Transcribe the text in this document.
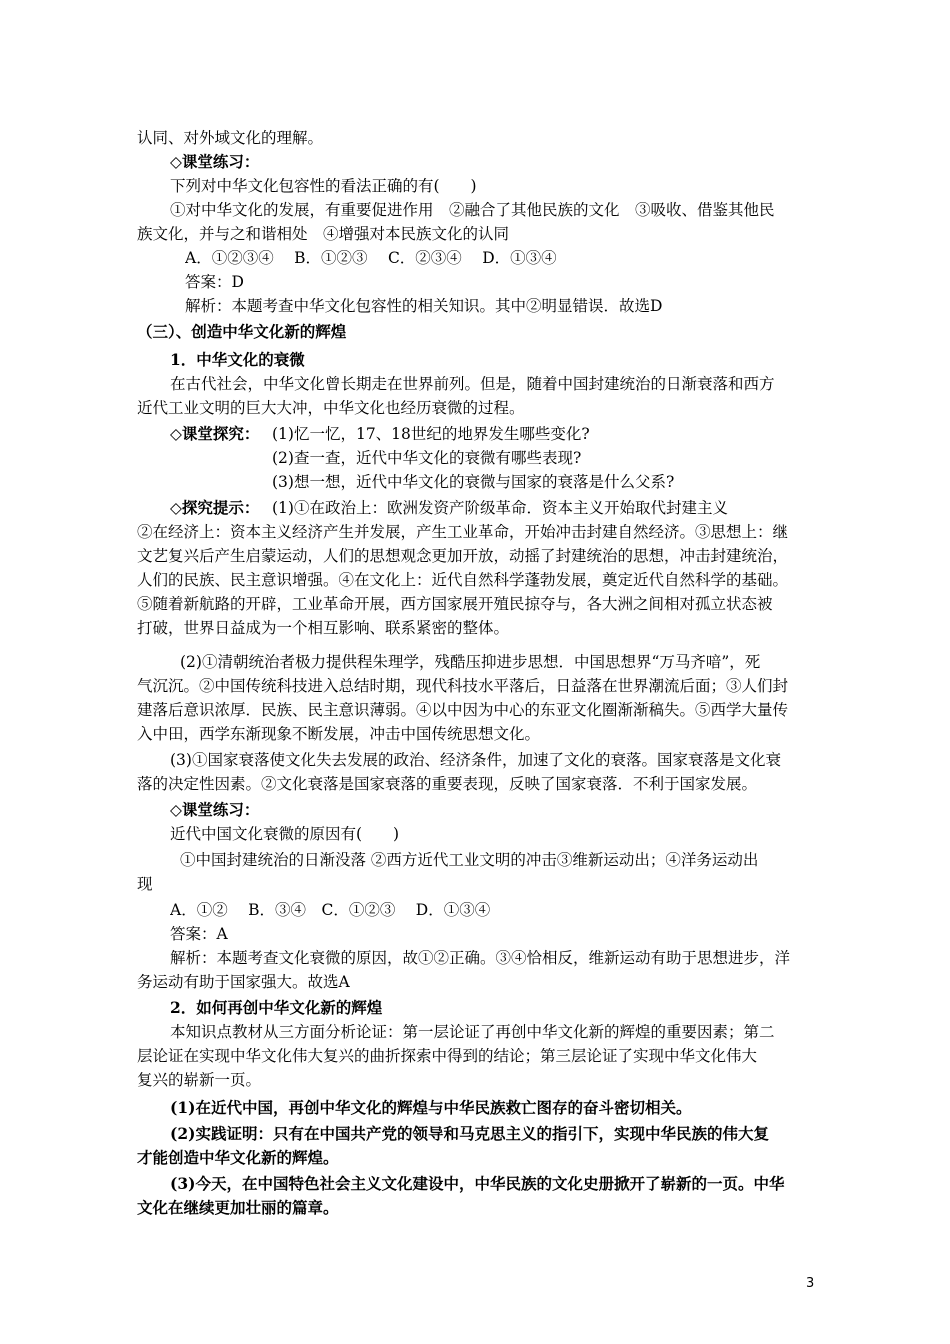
认同、对外域文化的理解。
◇课堂练习：
下列对中华文化包容性的看法正确的有(　　)
①对中华文化的发展，有重要促进作用　②融合了其他民族的文化　③吸收、借鉴其他民
族文化，并与之和谐相处　④增强对本民族文化的认同
A．①②③④　 B．①②③　 C．②③④　 D．①③④
答案：D
解析：本题考查中华文化包容性的相关知识。其中②明显错误．故选D
（三）、创造中华文化新的辉煌
1．中华文化的衰微
在古代社会，中华文化曾长期走在世界前列。但是，随着中国封建统治的日渐衰落和西方
近代工业文明的巨大大冲，中华文化也经历衰微的过程。
◇课堂探究： (1)忆一忆，17、18世纪的地界发生哪些变化?
(2)查一查，近代中华文化的衰微有哪些表现?
(3)想一想，近代中华文化的衰微与国家的衰落是什么父系?
◇探究提示： (1)①在政治上：欧洲发资产阶级革命．资本主义开始取代封建主义
②在经济上：资本主义经济产生并发展，产生工业革命，开始冲击封建自然经济。③思想上：继
文艺复兴后产生启蒙运动，人们的思想观念更加开放，动摇了封建统治的思想，冲击封建统治，
人们的民族、民主意识增强。④在文化上：近代自然科学蓬勃发展，奠定近代自然科学的基础。
⑤随着新航路的开辟，工业革命开展，西方国家展开殖民掠夺与，各大洲之间相对孤立状态被
打破，世界日益成为一个相互影响、联系紧密的整体。
(2)①清朝统治者极力提供程朱理学，残酷压抑进步思想．中国思想界“万马齐喑”，死
气沉沉。②中国传统科技进入总结时期，现代科技水平落后，日益落在世界潮流后面；③人们封
建落后意识浓厚．民族、民主意识薄弱。④以中因为中心的东亚文化圈渐渐稿失。⑤西学大量传
入中田，西学东渐现象不断发展，冲击中国传统思想文化。
(3)①国家衰落使文化失去发展的政治、经济条件，加速了文化的衰落。国家衰落是文化衰
落的决定性因素。②文化衰落是国家衰落的重要表现，反映了国家衰落．不利于国家发展。
◇课堂练习：
近代中国文化衰微的原因有(　　)
①中国封建统治的日渐没落 ②西方近代工业文明的冲击③维新运动出；④洋务运动出
现
A．①②　 B．③④　C．①②③　 D．①③④
答案：A
解析：本题考查文化衰微的原因，故①②正确。③④恰相反，维新运动有助于思想进步，洋
务运动有助于国家强大。故选A
2．如何再创中华文化新的辉煌
本知识点教材从三方面分析论证：第一层论证了再创中华文化新的辉煌的重要因素；第二
层论证在实现中华文化伟大复兴的曲折探索中得到的结论；第三层论证了实现中华文化伟大
复兴的崭新一页。
(1)在近代中国，再创中华文化的辉煌与中华民族救亡图存的奋斗密切相关。
(2)实践证明：只有在中国共产党的领导和马克思主义的指引下，实现中华民族的伟大复
才能创造中华文化新的辉煌。
(3)今天，在中国特色社会主义文化建设中，中华民族的文化史册掀开了崭新的一页。中华
文化在继续更加壮丽的篇章。
3
